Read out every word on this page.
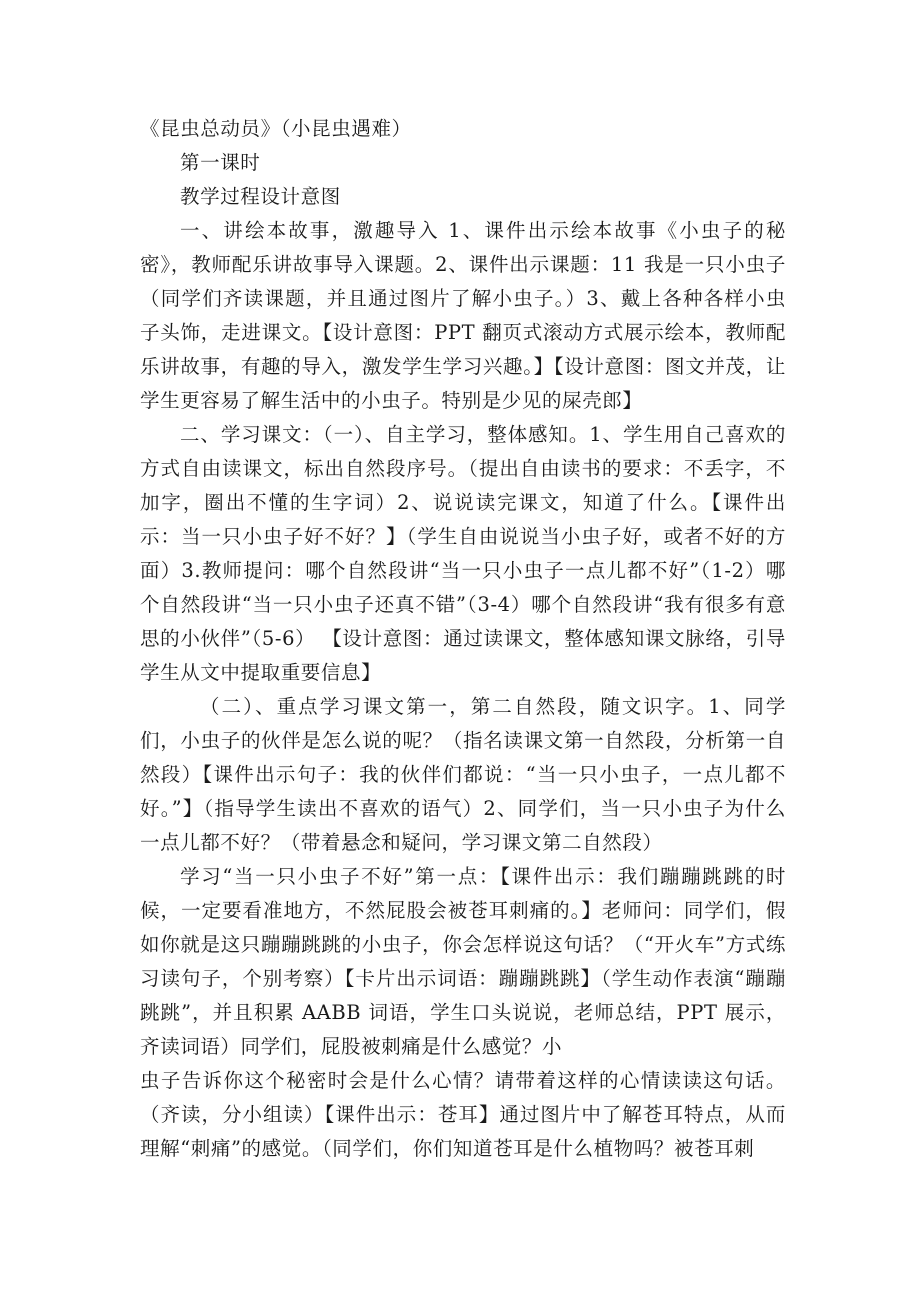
《昆虫总动员》（小昆虫遇难）

第一课时

教学过程设计意图

一、讲绘本故事，激趣导入 1、课件出示绘本故事《小虫子的秘密》，教师配乐讲故事导入课题。2、课件出示课题：11 我是一只小虫子（同学们齐读课题，并且通过图片了解小虫子。）3、戴上各种各样小虫子头饰，走进课文。【设计意图：PPT 翻页式滚动方式展示绘本，教师配乐讲故事，有趣的导入，激发学生学习兴趣。】【设计意图：图文并茂，让学生更容易了解生活中的小虫子。特别是少见的屎壳郎】

二、学习课文：（一）、自主学习，整体感知。1、学生用自己喜欢的方式自由读课文，标出自然段序号。（提出自由读书的要求：不丢字，不加字，圈出不懂的生字词）2、说说读完课文，知道了什么。【课件出示：当一只小虫子好不好？】（学生自由说说当小虫子好，或者不好的方面）3.教师提问：哪个自然段讲“当一只小虫子一点儿都不好”（1-2）哪个自然段讲“当一只小虫子还真不错”（3-4）哪个自然段讲“我有很多有意思的小伙伴”（5-6） 【设计意图：通过读课文，整体感知课文脉络，引导学生从文中提取重要信息】

（二）、重点学习课文第一，第二自然段，随文识字。1、同学们，小虫子的伙伴是怎么说的呢？（指名读课文第一自然段，分析第一自然段）【课件出示句子：我的伙伴们都说：“当一只小虫子，一点儿都不好。”】（指导学生读出不喜欢的语气）2、同学们，当一只小虫子为什么一点儿都不好？（带着悬念和疑问，学习课文第二自然段）

学习“当一只小虫子不好”第一点：【课件出示：我们蹦蹦跳跳的时候，一定要看准地方，不然屁股会被苍耳刺痛的。】老师问：同学们，假如你就是这只蹦蹦跳跳的小虫子，你会怎样说这句话？（“开火车”方式练习读句子，个别考察）【卡片出示词语：蹦蹦跳跳】（学生动作表演“蹦蹦跳跳”，并且积累 AABB 词语，学生口头说说，老师总结，PPT 展示，齐读词语）同学们，屁股被刺痛是什么感觉？小

虫子告诉你这个秘密时会是什么心情？请带着这样的心情读读这句话。（齐读，分小组读）【课件出示：苍耳】通过图片中了解苍耳特点，从而理解“刺痛”的感觉。（同学们，你们知道苍耳是什么植物吗？被苍耳刺
